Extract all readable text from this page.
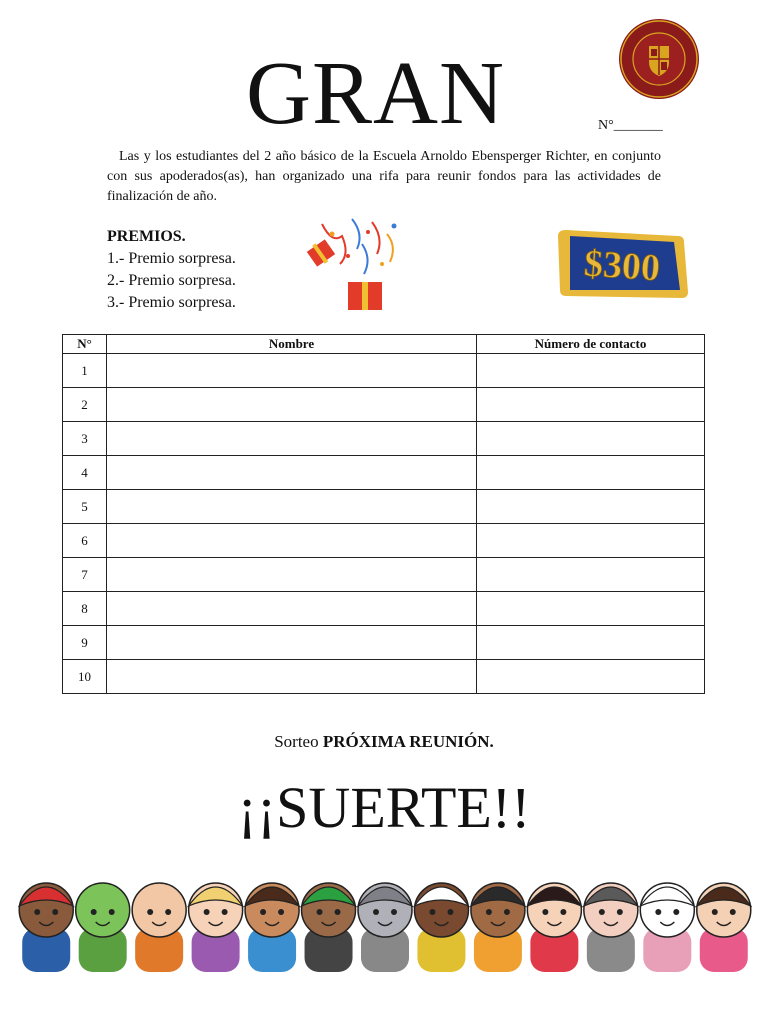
GRAN	N°_______
Las y los estudiantes del 2 año básico de la Escuela Arnoldo Ebensperger Richter, en conjunto con sus apoderados(as), han organizado una rifa para reunir fondos para las actividades de finalización de año.
PREMIOS.
1.- Premio sorpresa.
2.- Premio sorpresa.
3.- Premio sorpresa.
$300
N°	Nombre	Número de contacto
1		
2		
3		
4		
5		
6		
7		
8		
9		
10		
Sorteo PRÓXIMA REUNIÓN.
¡¡SUERTE!!
